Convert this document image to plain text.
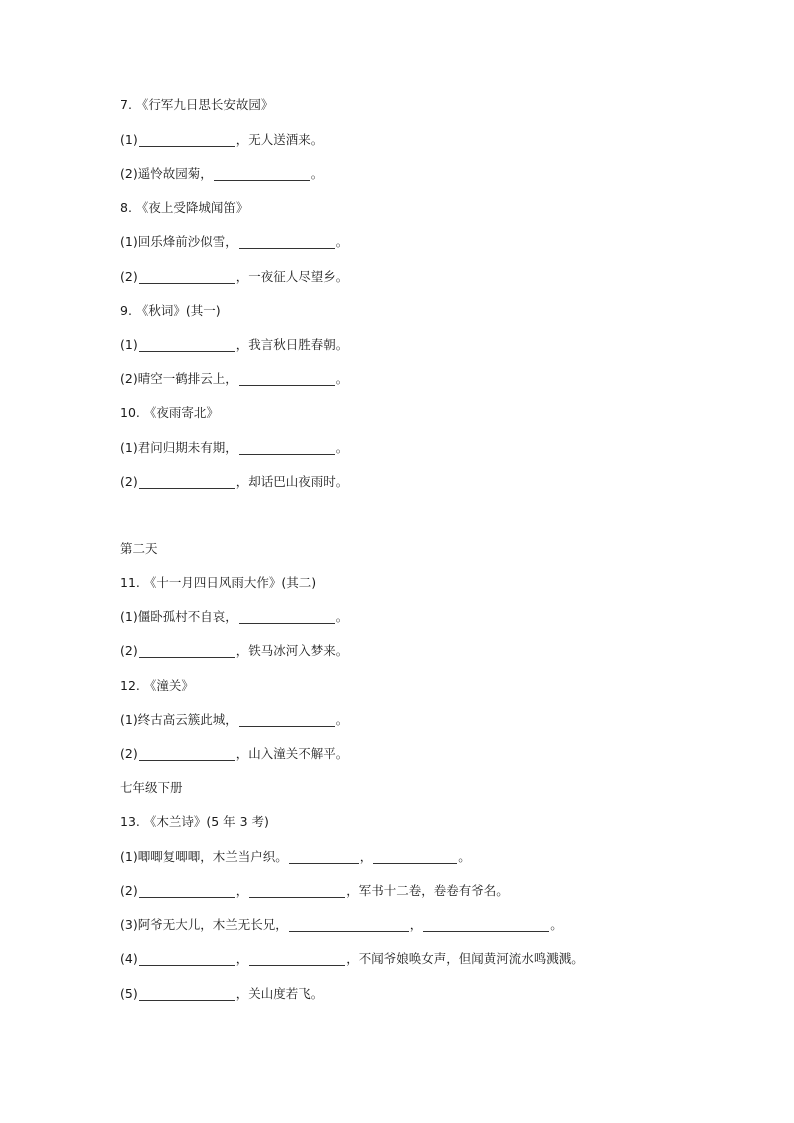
7. 《行军九日思长安故园》
(1)	，无人送酒来。
(2)遥怜故园菊，	。
8. 《夜上受降城闻笛》
(1)回乐烽前沙似雪，	。
(2)	，一夜征人尽望乡。
9. 《秋词》(其一)
(1)	，我言秋日胜春朝。
(2)晴空一鹤排云上，	。
10. 《夜雨寄北》
(1)君问归期未有期，	。
(2)	，却话巴山夜雨时。
第二天
11. 《十一月四日风雨大作》(其二)
(1)僵卧孤村不自哀，	。
(2)	，铁马冰河入梦来。
12. 《潼关》
(1)终古高云簇此城，	。
(2)	，山入潼关不解平。
七年级下册
13. 《木兰诗》(5 年 3 考)
(1)唧唧复唧唧，木兰当户织。	，	。
(2)	，	，军书十二卷，卷卷有爷名。
(3)阿爷无大儿，木兰无长兄，	，	。
(4)	，	，不闻爷娘唤女声，但闻黄河流水鸣溅溅。
(5)	，关山度若飞。
